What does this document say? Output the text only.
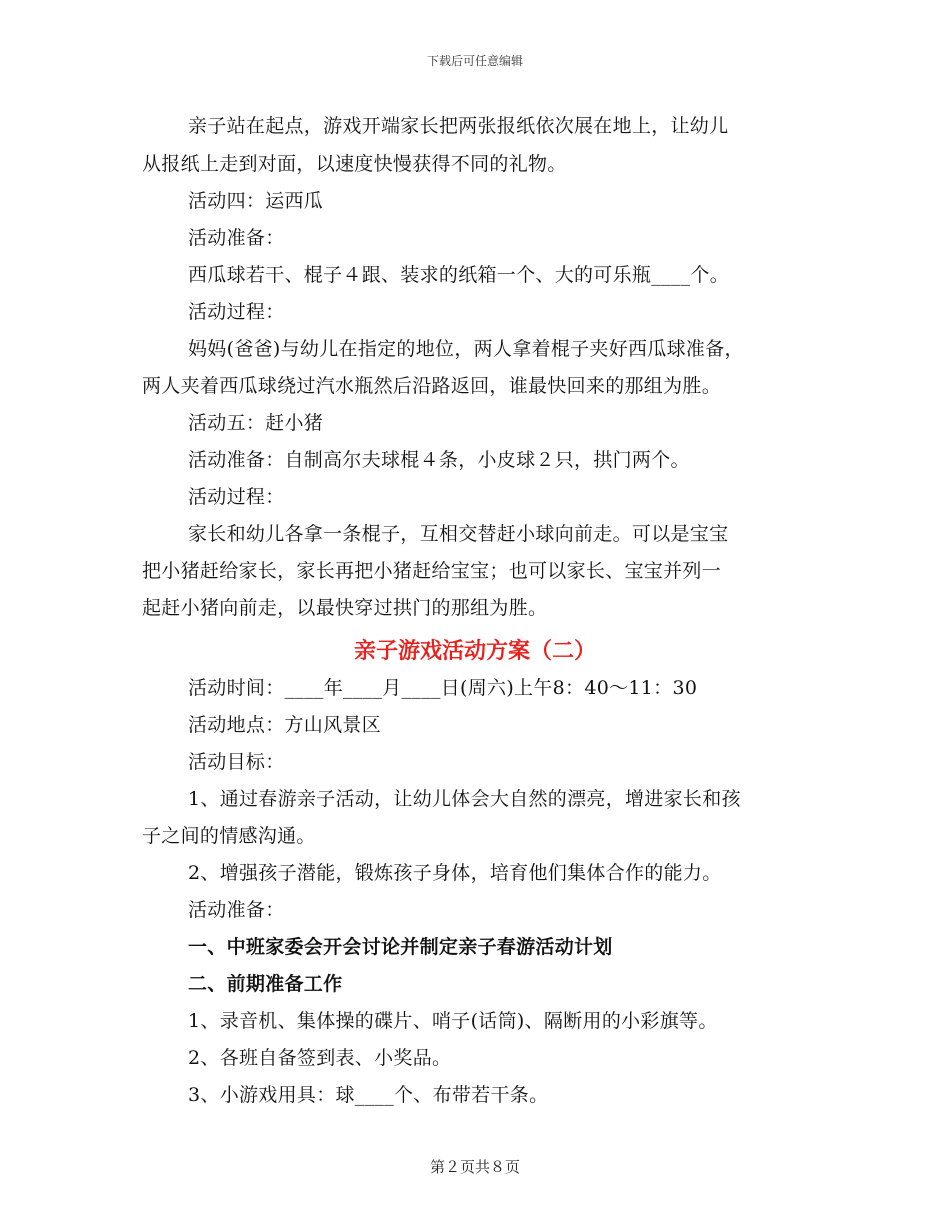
下载后可任意编辑
亲子站在起点，游戏开端家长把两张报纸依次展在地上，让幼儿
从报纸上走到对面，以速度快慢获得不同的礼物。
活动四：运西瓜
活动准备：
西瓜球若干、棍子４跟、装求的纸箱一个、大的可乐瓶____个。
活动过程：
妈妈(爸爸)与幼儿在指定的地位，两人拿着棍子夹好西瓜球准备，
两人夹着西瓜球绕过汽水瓶然后沿路返回，谁最快回来的那组为胜。
活动五：赶小猪
活动准备：自制高尔夫球棍４条，小皮球２只，拱门两个。
活动过程：
家长和幼儿各拿一条棍子，互相交替赶小球向前走。可以是宝宝
把小猪赶给家长，家长再把小猪赶给宝宝；也可以家长、宝宝并列一
起赶小猪向前走，以最快穿过拱门的那组为胜。
亲子游戏活动方案（二）
活动时间：____年____月____日(周六)上午8：40～11：30
活动地点：方山风景区
活动目标：
1、通过春游亲子活动，让幼儿体会大自然的漂亮，增进家长和孩
子之间的情感沟通。
2、增强孩子潜能，锻炼孩子身体，培育他们集体合作的能力。
活动准备：
一、中班家委会开会讨论并制定亲子春游活动计划
二、前期准备工作
1、录音机、集体操的碟片、哨子(话筒)、隔断用的小彩旗等。
2、各班自备签到表、小奖品。
3、小游戏用具：球____个、布带若干条。
第２页共８页
